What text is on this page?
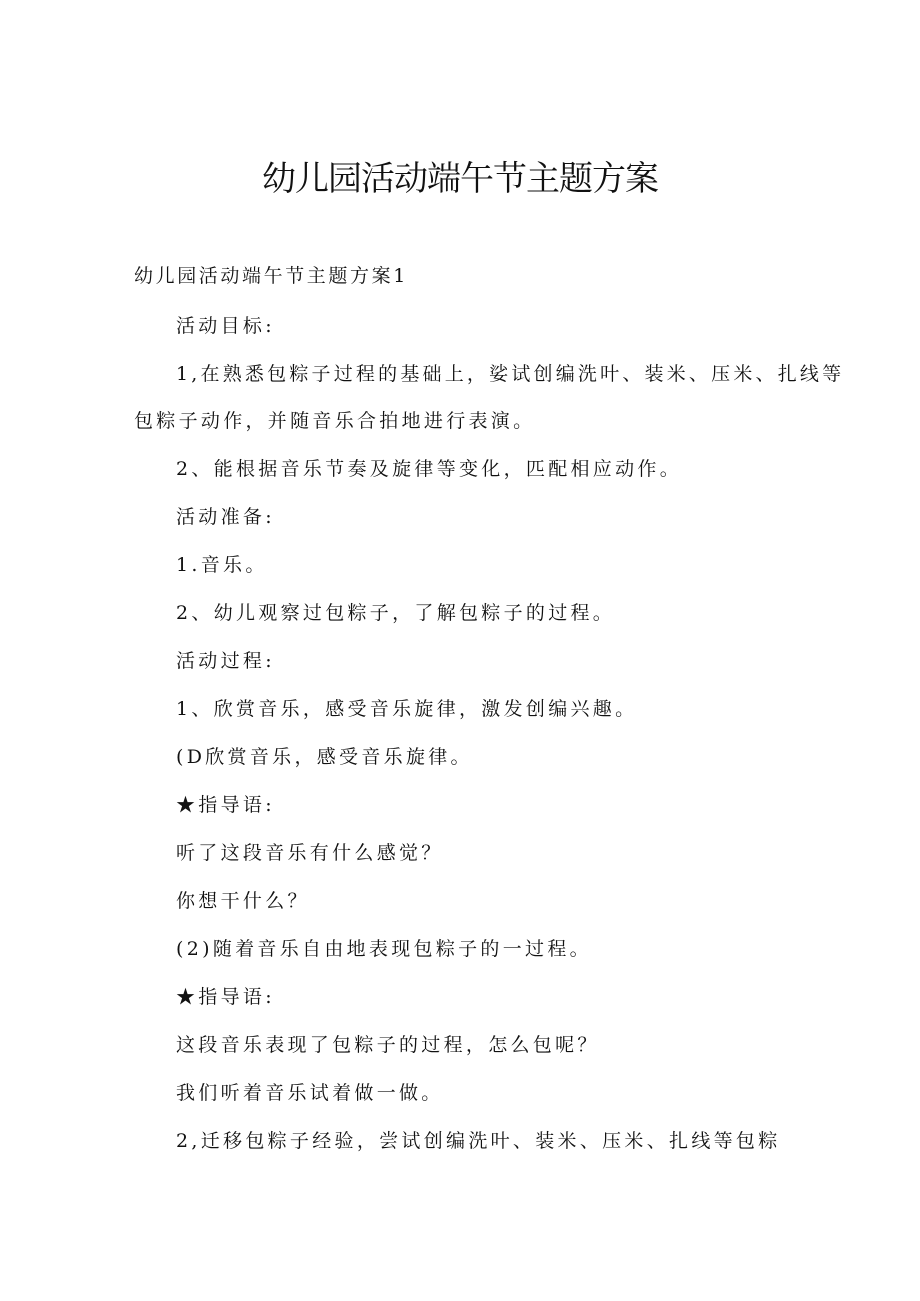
幼儿园活动端午节主题方案
幼儿园活动端午节主题方案1
活动目标:
1,在熟悉包粽子过程的基础上，娑试创编洗叶、装米、压米、扎线等
包粽子动作，并随音乐合拍地进行表演。
2、能根据音乐节奏及旋律等变化，匹配相应动作。
活动准备:
1.音乐。
2、幼儿观察过包粽子，了解包粽子的过程。
活动过程:
1、欣赏音乐，感受音乐旋律，激发创编兴趣。
(D欣赏音乐，感受音乐旋律。
★指导语:
听了这段音乐有什么感觉？
你想干什么？
(2)随着音乐自由地表现包粽子的一过程。
★指导语:
这段音乐表现了包粽子的过程，怎么包呢？
我们听着音乐试着做一做。
2,迁移包粽子经验，尝试创编洗叶、装米、压米、扎线等包粽
